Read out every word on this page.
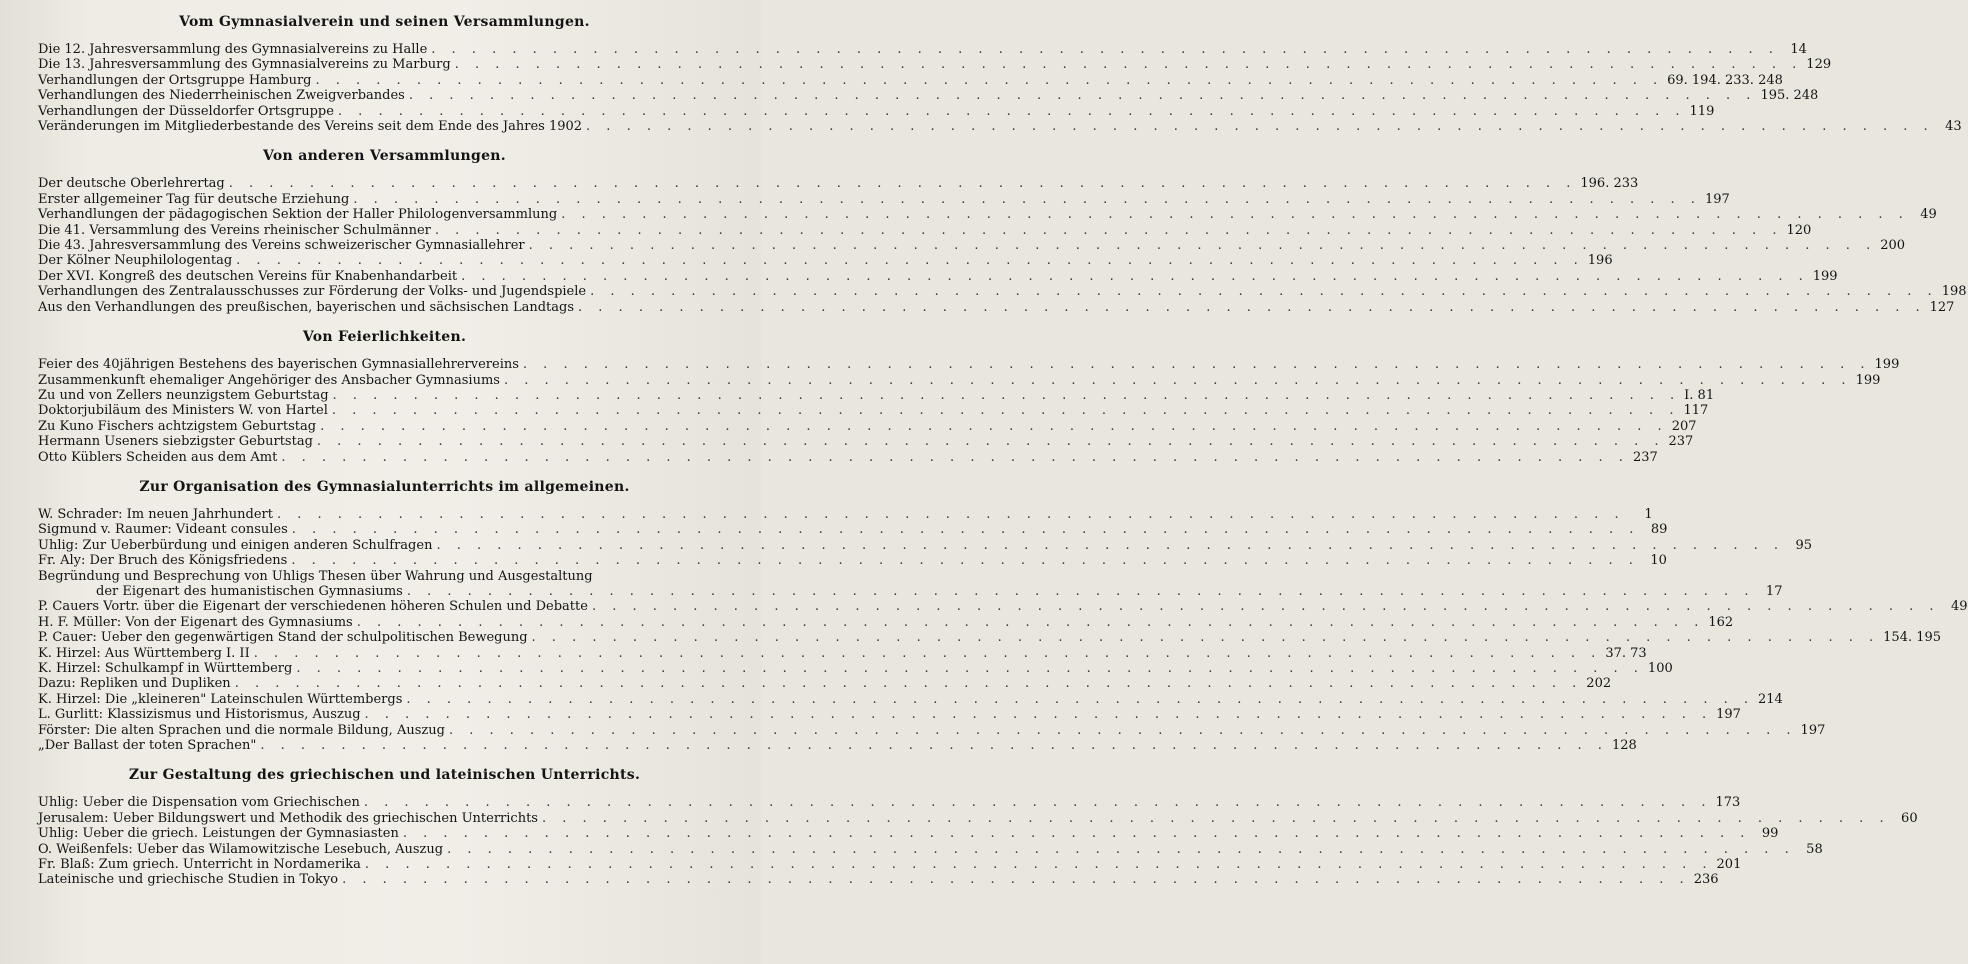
Vom Gymnasialverein und seinen Versammlungen.
Die 12. Jahresversammlung des Gymnasialvereins zu Halle . . .	14
Die 13. Jahresversammlung des Gymnasialvereins zu Marburg . . .	129
Verhandlungen der Ortsgruppe Hamburg . . .	69. 194. 233. 248
Verhandlungen des Niederrheinischen Zweigverbandes . . .	195. 248
Verhandlungen der Düsseldorfer Ortsgruppe . . .	119
Veränderungen im Mitgliederbestande des Vereins seit dem Ende des Jahres 1902 . . .	43
Von anderen Versammlungen.
Der deutsche Oberlehrertag . . .	196. 233
Erster allgemeiner Tag für deutsche Erziehung . . .	197
Verhandlungen der pädagogischen Sektion der Haller Philologenversammlung . . .	49
Die 41. Versammlung des Vereins rheinischer Schulmänner . . .	120
Die 43. Jahresversammlung des Vereins schweizerischer Gymnasiallehrer . . .	200
Der Kölner Neuphilologentag . . .	196
Der XVI. Kongreß des deutschen Vereins für Knabenhandarbeit . . .	199
Verhandlungen des Zentralausschusses zur Förderung der Volks- und Jugendspiele . . .	198
Aus den Verhandlungen des preußischen, bayerischen und sächsischen Landtags . . .	127
Von Feierlichkeiten.
Feier des 40jährigen Bestehens des bayerischen Gymnasiallehrervereins . . .	199
Zusammenkunft ehemaliger Angehöriger des Ansbacher Gymnasiums . . .	199
Zu und von Zellers neunzigstem Geburtstag . . .	I. 81
Doktorjubiläum des Ministers W. von Hartel . . .	117
Zu Kuno Fischers achtzigstem Geburtstag . . .	207
Hermann Useners siebzigster Geburtstag . . .	237
Otto Küblers Scheiden aus dem Amt . . .	237
Zur Organisation des Gymnasialunterrichts im allgemeinen.
W. Schrader: Im neuen Jahrhundert . . .	1
Sigmund v. Raumer: Videant consules . . .	89
Uhlig: Zur Ueberbürdung und einigen anderen Schulfragen . . .	95
Fr. Aly: Der Bruch des Königsfriedens . . .	10
Begründung und Besprechung von Uhligs Thesen über Wahrung und Ausgestaltung
der Eigenart des humanistischen Gymnasiums . . .	17
P. Cauers Vortr. über die Eigenart der verschiedenen höheren Schulen und Debatte . . .	49
H. F. Müller: Von der Eigenart des Gymnasiums . . .	162
P. Cauer: Ueber den gegenwärtigen Stand der schulpolitischen Bewegung . . .	154. 195
K. Hirzel: Aus Württemberg I. II . . .	37. 73
K. Hirzel: Schulkampf in Württemberg . . .	100
Dazu: Repliken und Dupliken . . .	202
K. Hirzel: Die „kleineren" Lateinschulen Württembergs . . .	214
L. Gurlitt: Klassizismus und Historismus, Auszug . . .	197
Förster: Die alten Sprachen und die normale Bildung, Auszug . . .	197
„Der Ballast der toten Sprachen" . . .	128
Zur Gestaltung des griechischen und lateinischen Unterrichts.
Uhlig: Ueber die Dispensation vom Griechischen . . .	173
Jerusalem: Ueber Bildungswert und Methodik des griechischen Unterrichts . . .	60
Uhlig: Ueber die griech. Leistungen der Gymnasiasten . . .	99
O. Weißenfels: Ueber das Wilamowitzische Lesebuch, Auszug . . .	58
Fr. Blaß: Zum griech. Unterricht in Nordamerika . . .	201
Lateinische und griechische Studien in Tokyo . . .	236
